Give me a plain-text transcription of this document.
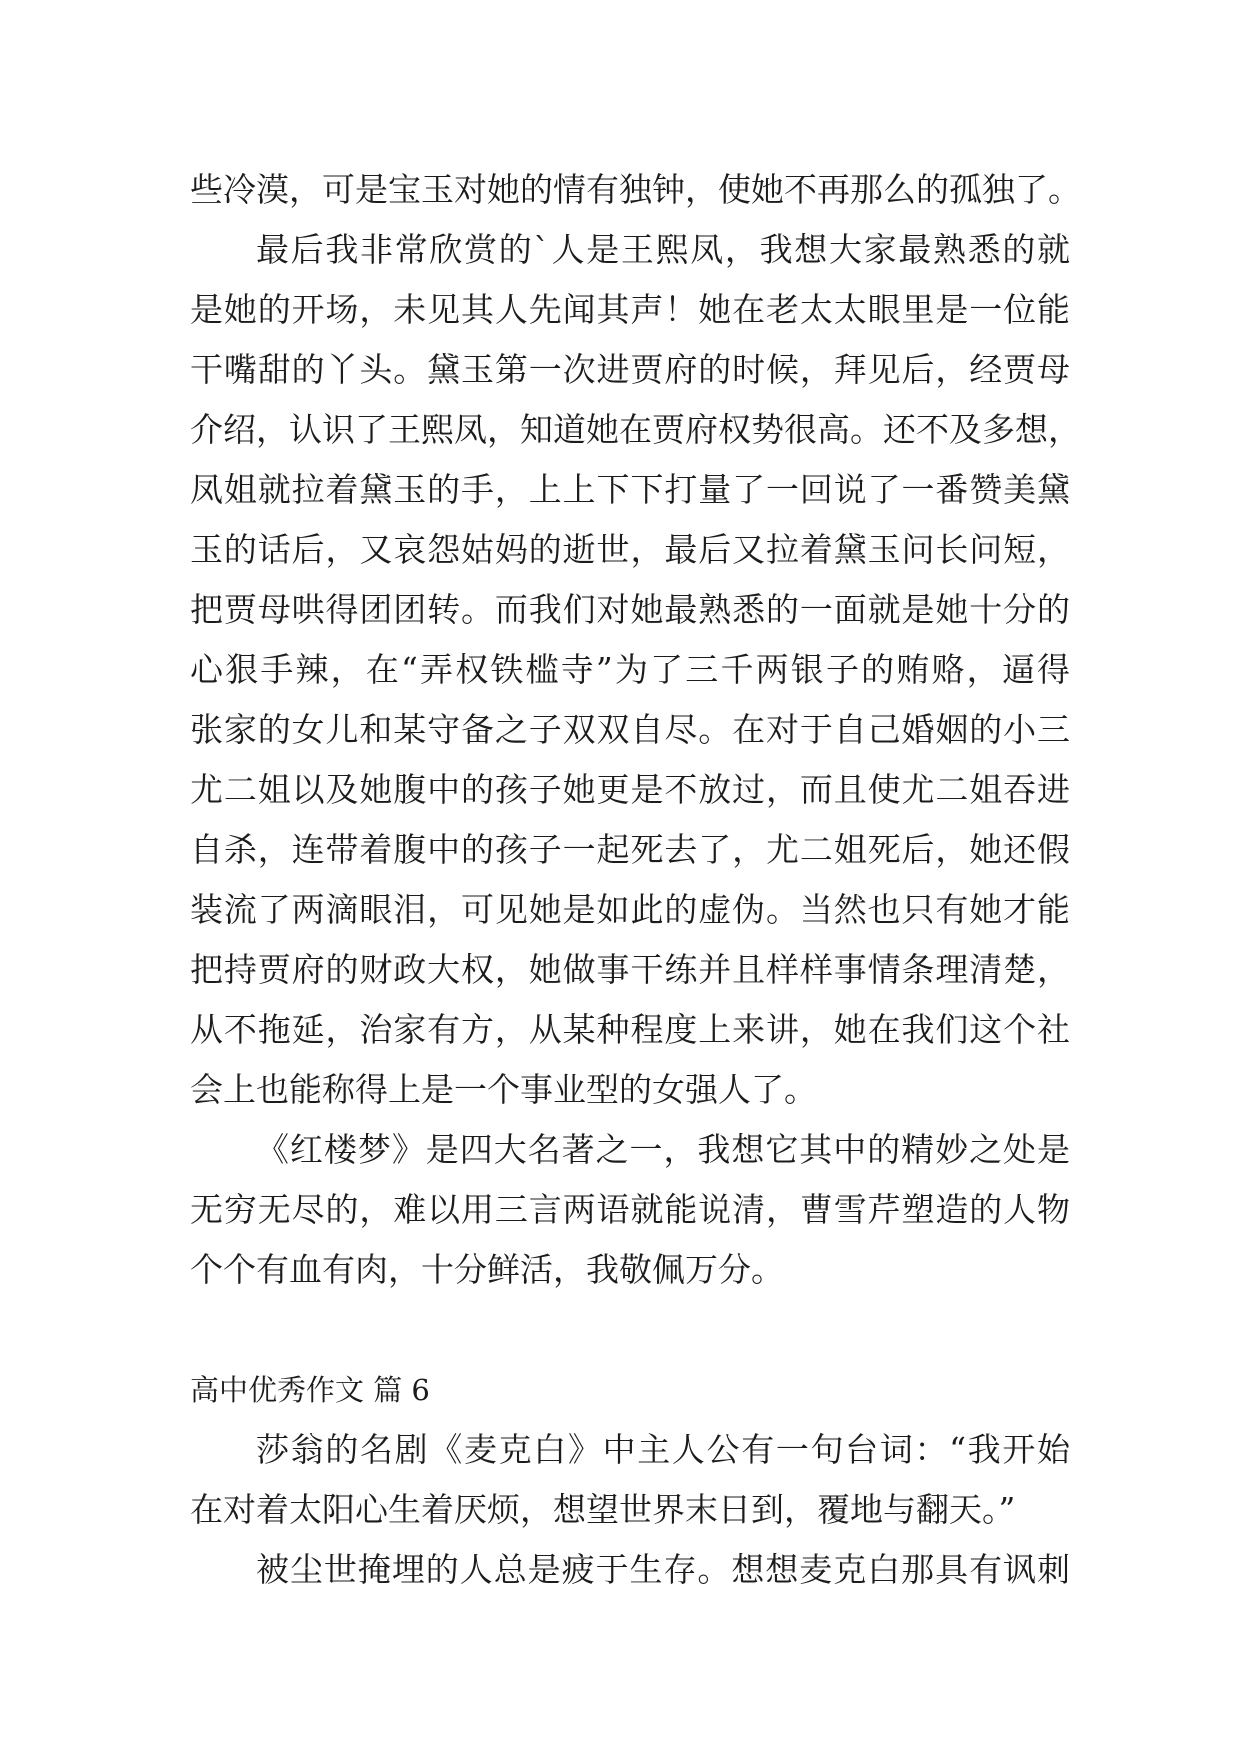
些冷漠，可是宝玉对她的情有独钟，使她不再那么的孤独了。
最后我非常欣赏的`人是王熙凤，我想大家最熟悉的就
是她的开场，未见其人先闻其声！她在老太太眼里是一位能
干嘴甜的丫头。黛玉第一次进贾府的时候，拜见后，经贾母
介绍，认识了王熙凤，知道她在贾府权势很高。还不及多想，
凤姐就拉着黛玉的手，上上下下打量了一回说了一番赞美黛
玉的话后，又哀怨姑妈的逝世，最后又拉着黛玉问长问短，
把贾母哄得团团转。而我们对她最熟悉的一面就是她十分的
心狠手辣，在“弄权铁槛寺”为了三千两银子的贿赂，逼得
张家的女儿和某守备之子双双自尽。在对于自己婚姻的小三
尤二姐以及她腹中的孩子她更是不放过，而且使尤二姐吞进
自杀，连带着腹中的孩子一起死去了，尤二姐死后，她还假
装流了两滴眼泪，可见她是如此的虚伪。当然也只有她才能
把持贾府的财政大权，她做事干练并且样样事情条理清楚，
从不拖延，治家有方，从某种程度上来讲，她在我们这个社
会上也能称得上是一个事业型的女强人了。
《红楼梦》是四大名著之一，我想它其中的精妙之处是
无穷无尽的，难以用三言两语就能说清，曹雪芹塑造的人物
个个有血有肉，十分鲜活，我敬佩万分。
高中优秀作文 篇 6
莎翁的名剧《麦克白》中主人公有一句台词：“我开始
在对着太阳心生着厌烦，想望世界末日到，覆地与翻天。”
被尘世掩埋的人总是疲于生存。想想麦克白那具有讽刺
